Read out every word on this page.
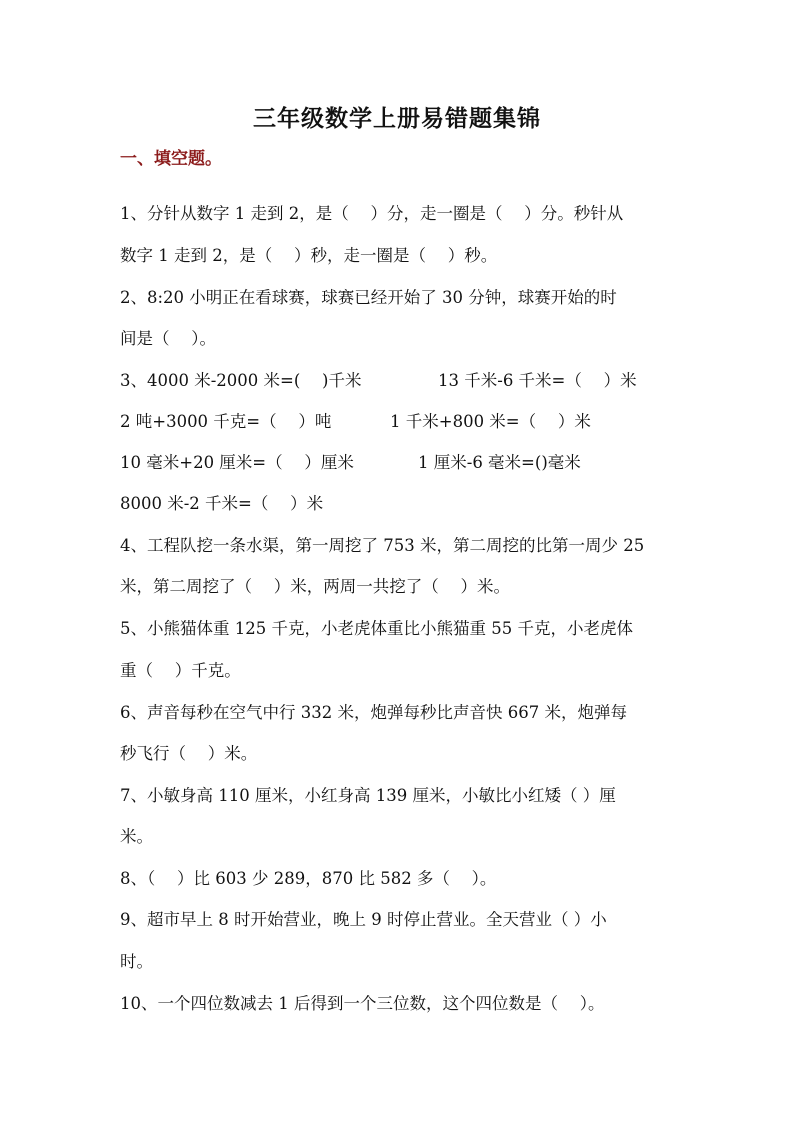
三年级数学上册易错题集锦
一、填空题。
1、分针从数字 1 走到 2，是（　 ）分，走一圈是（　 ）分。秒针从
数字 1 走到 2，是（　 ）秒，走一圈是（　 ）秒。
2、8:20 小明正在看球赛，球赛已经开始了 30 分钟，球赛开始的时
间是（　 ）。
3、4000 米-2000 米=(　 )千米	13 千米-6 千米=（　 ）米
2 吨+3000 千克=（　 ）吨	1 千米+800 米=（　 ）米
10 毫米+20 厘米=（　 ）厘米	1 厘米-6 毫米=()毫米
8000 米-2 千米=（　 ）米
4、工程队挖一条水渠，第一周挖了 753 米，第二周挖的比第一周少 25
米，第二周挖了（　 ）米，两周一共挖了（　 ）米。
5、小熊猫体重 125 千克，小老虎体重比小熊猫重 55 千克，小老虎体
重（　 ）千克。
6、声音每秒在空气中行 332 米，炮弹每秒比声音快 667 米，炮弹每
秒飞行（　 ）米。
7、小敏身高 110 厘米，小红身高 139 厘米，小敏比小红矮（ ）厘
米。
8、（　 ）比 603 少 289，870 比 582 多（　 ）。
9、超市早上 8 时开始营业，晚上 9 时停止营业。全天营业（ ）小
时。
10、一个四位数减去 1 后得到一个三位数，这个四位数是（　 ）。
